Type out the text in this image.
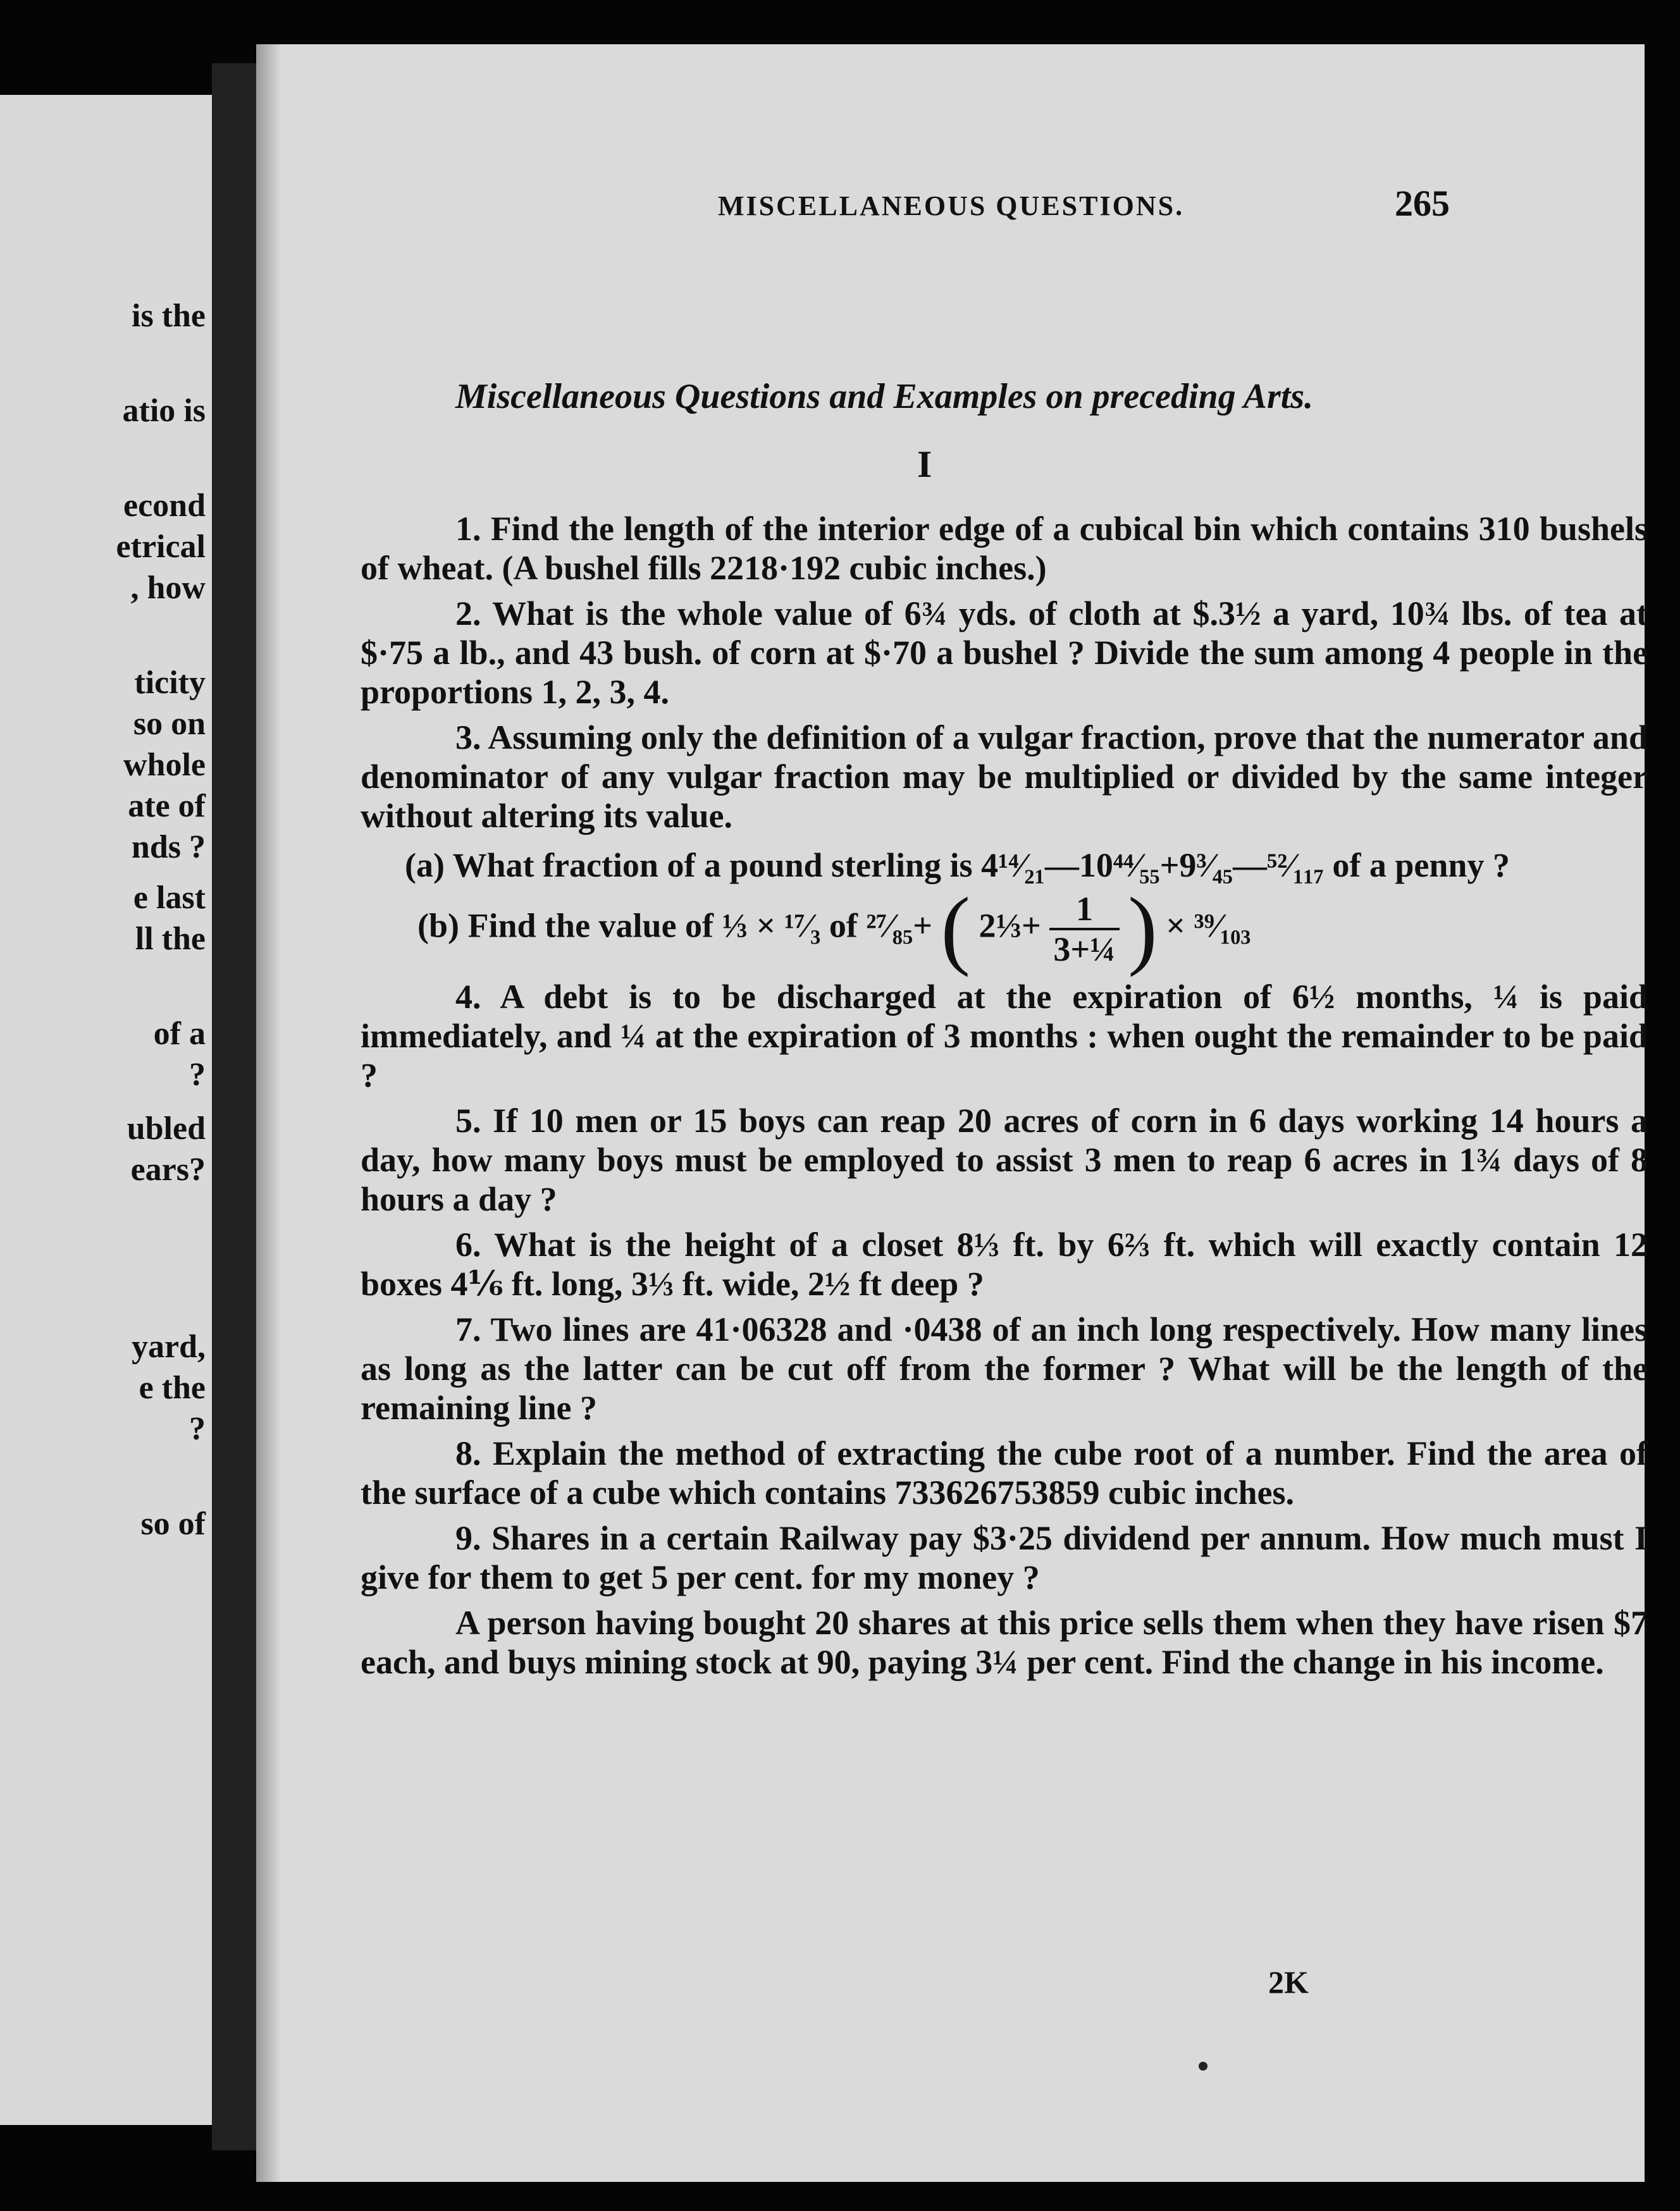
is the
atio is
econd
etrical
, how
ticity
so on
whole
ate of
nds ?
e last
ll the
of a
?
ubled
ears?
yard,
e the
?
so of
MISCELLANEOUS QUESTIONS.	265
Miscellaneous Questions and Examples on preceding Arts.
I

1. Find the length of the interior edge of a cubical bin which contains 310 bushels of wheat. (A bushel fills 2218·192 cubic inches.)

2. What is the whole value of 6¾ yds. of cloth at $.3½ a yard, 10¾ lbs. of tea at $·75 a lb., and 43 bush. of corn at $·70 a bushel ? Divide the sum among 4 people in the proportions 1, 2, 3, 4.

3. Assuming only the definition of a vulgar fraction, prove that the numerator and denominator of any vulgar fraction may be multiplied or divided by the same integer without altering its value.

(a) What fraction of a pound sterling is 4¹⁴⁄₂₁—10⁴⁴⁄₅₅+9³⁄₄₅—⁵²⁄₁₁₇ of a penny ?

(b) Find the value of ⅓ × ¹⁷⁄₃ of ²⁷⁄₈₅+ ( 2⅓+ $\frac{1}{\text{3+¼}}$ ) × ³⁹⁄₁₀₃

4. A debt is to be discharged at the expiration of 6½ months, ¼ is paid immediately, and ¼ at the expiration of 3 months : when ought the remainder to be paid ?

5. If 10 men or 15 boys can reap 20 acres of corn in 6 days working 14 hours a day, how many boys must be employed to assist 3 men to reap 6 acres in 1¾ days of 8 hours a day ?

6. What is the height of a closet 8⅓ ft. by 6⅔ ft. which will exactly contain 12 boxes 4⅙ ft. long, 3⅓ ft. wide, 2½ ft deep ?

7. Two lines are 41·06328 and ·0438 of an inch long respectively. How many lines as long as the latter can be cut off from the former ? What will be the length of the remaining line ?

8. Explain the method of extracting the cube root of a number. Find the area of the surface of a cube which contains 733626753859 cubic inches.

9. Shares in a certain Railway pay $3·25 dividend per annum. How much must I give for them to get 5 per cent. for my money ?

A person having bought 20 shares at this price sells them when they have risen $7 each, and buys mining stock at 90, paying 3¼ per cent. Find the change in his income.

2K
